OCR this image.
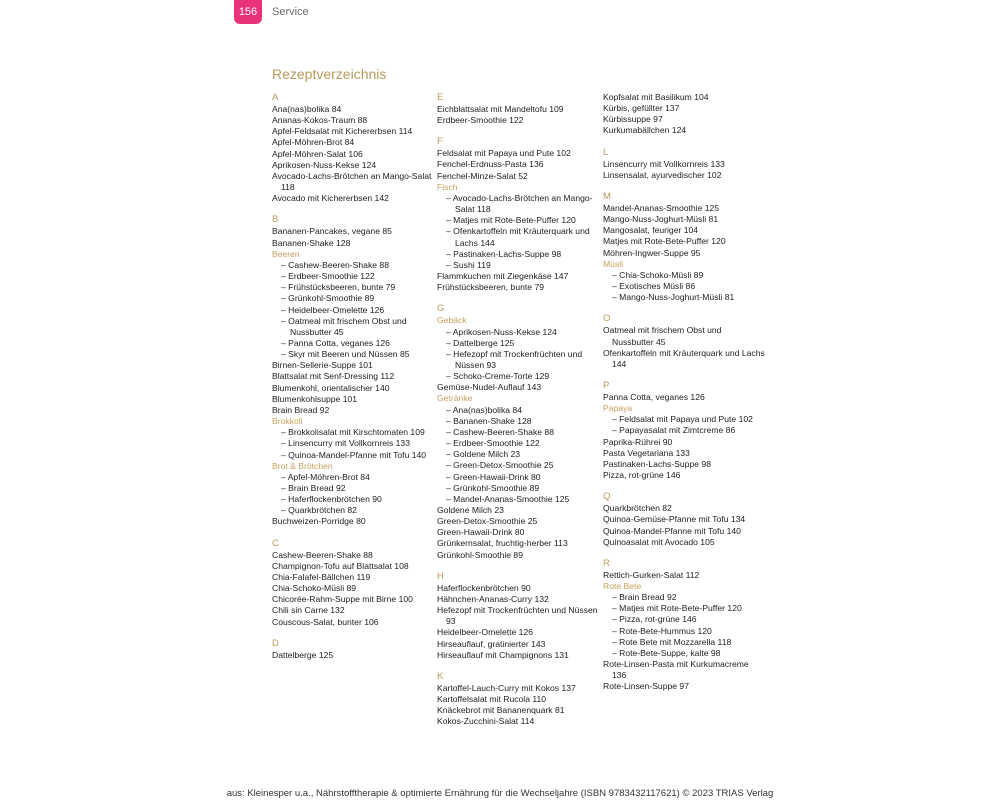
156	Service
Rezeptverzeichnis
A
Ana(nas)bolika 84
Ananas-Kokos-Traum 88
Apfel-Feldsalat mit Kichererbsen 114
Apfel-Möhren-Brot 84
Apfel-Möhren-Salat 106
Aprikosen-Nuss-Kekse 124
Avocado-Lachs-Brötchen an Mango-Salat 118
Avocado mit Kichererbsen 142
B
Bananen-Pancakes, vegane 85
Bananen-Shake 128
Beeren
– Cashew-Beeren-Shake 88
– Erdbeer-Smoothie 122
– Frühstücksbeeren, bunte 79
– Grünkohl-Smoothie 89
– Heidelbeer-Omelette 126
– Oatmeal mit frischem Obst und Nussbutter 45
– Panna Cotta, veganes 126
– Skyr mit Beeren und Nüssen 85
Birnen-Sellerie-Suppe 101
Blattsalat mit Senf-Dressing 112
Blumenkohl, orientalischer 140
Blumenkohlsuppe 101
Brain Bread 92
Brokkoli
– Brokkolisalat mit Kirschtomaten 109
– Linsencurry mit Vollkornreis 133
– Quinoa-Mandel-Pfanne mit Tofu 140
Brot & Brötchen
– Apfel-Möhren-Brot 84
– Brain Bread 92
– Haferflockenbrötchen 90
– Quarkbrötchen 82
Buchweizen-Porridge 80
C
Cashew-Beeren-Shake 88
Champignon-Tofu auf Blattsalat 108
Chia-Falafel-Bällchen 119
Chia-Schoko-Müsli 89
Chicorée-Rahm-Suppe mit Birne 100
Chili sin Carne 132
Couscous-Salat, bunter 106
D
Dattelberge 125
E
Eichblattsalat mit Mandeltofu 109
Erdbeer-Smoothie 122
F
Feldsalat mit Papaya und Pute 102
Fenchel-Erdnuss-Pasta 136
Fenchel-Minze-Salat 52
Fisch
– Avocado-Lachs-Brötchen an Mango-Salat 118
– Matjes mit Rote-Bete-Puffer 120
– Ofenkartoffeln mit Kräuterquark und Lachs 144
– Pastinaken-Lachs-Suppe 98
– Sushi 119
Flammkuchen mit Ziegenkäse 147
Frühstücksbeeren, bunte 79
G
Gebäck
– Aprikosen-Nuss-Kekse 124
– Dattelberge 125
– Hefezopf mit Trockenfrüchten und Nüssen 93
– Schoko-Creme-Torte 129
Gemüse-Nudel-Auflauf 143
Getränke
– Ana(nas)bolika 84
– Bananen-Shake 128
– Cashew-Beeren-Shake 88
– Erdbeer-Smoothie 122
– Goldene Milch 23
– Green-Detox-Smoothie 25
– Green-Hawaii-Drink 80
– Grünkohl-Smoothie 89
– Mandel-Ananas-Smoothie 125
Goldene Milch 23
Green-Detox-Smoothie 25
Green-Hawaii-Drink 80
Grünkernsalat, fruchtig-herber 113
Grünkohl-Smoothie 89
H
Haferflockenbrötchen 90
Hähnchen-Ananas-Curry 132
Hefezopf mit Trockenfrüchten und Nüssen 93
Heidelbeer-Omelette 126
Hirseauflauf, gratinierter 143
Hirseauflauf mit Champignons 131
K
Kartoffel-Lauch-Curry mit Kokos 137
Kartoffelsalat mit Rucola 110
Knäckebrot mit Bananenquark 81
Kokos-Zucchini-Salat 114
Kopfsalat mit Basilikum 104
Kürbis, gefüllter 137
Kürbissuppe 97
Kurkumabällchen 124
L
Linsencurry mit Vollkornreis 133
Linsensalat, ayurvedischer 102
M
Mandel-Ananas-Smoothie 125
Mango-Nuss-Joghurt-Müsli 81
Mangosalat, feuriger 104
Matjes mit Rote-Bete-Puffer 120
Möhren-Ingwer-Suppe 95
Müsli
– Chia-Schoko-Müsli 89
– Exotisches Müsli 86
– Mango-Nuss-Joghurt-Müsli 81
O
Oatmeal mit frischem Obst und Nussbutter 45
Ofenkartoffeln mit Kräuterquark und Lachs 144
P
Panna Cotta, veganes 126
Papaya
– Feldsalat mit Papaya und Pute 102
– Papayasalat mit Zimtcreme 86
Paprika-Rührei 90
Pasta Vegetariana 133
Pastinaken-Lachs-Suppe 98
Pizza, rot-grüne 146
Q
Quarkbrötchen 82
Quinoa-Gemüse-Pfanne mit Tofu 134
Quinoa-Mandel-Pfanne mit Tofu 140
Quinoasalat mit Avocado 105
R
Rettich-Gurken-Salat 112
Rote Bete
– Brain Bread 92
– Matjes mit Rote-Bete-Puffer 120
– Pizza, rot-grüne 146
– Rote-Bete-Hummus 120
– Rote Bete mit Mozzarella 118
– Rote-Bete-Suppe, kalte 98
Rote-Linsen-Pasta mit Kurkumacreme 136
Rote-Linsen-Suppe 97
aus: Kleinesper u.a., Nährstofftherapie & optimierte Ernährung für die Wechseljahre (ISBN 9783432117621) © 2023 TRIAS Verlag
